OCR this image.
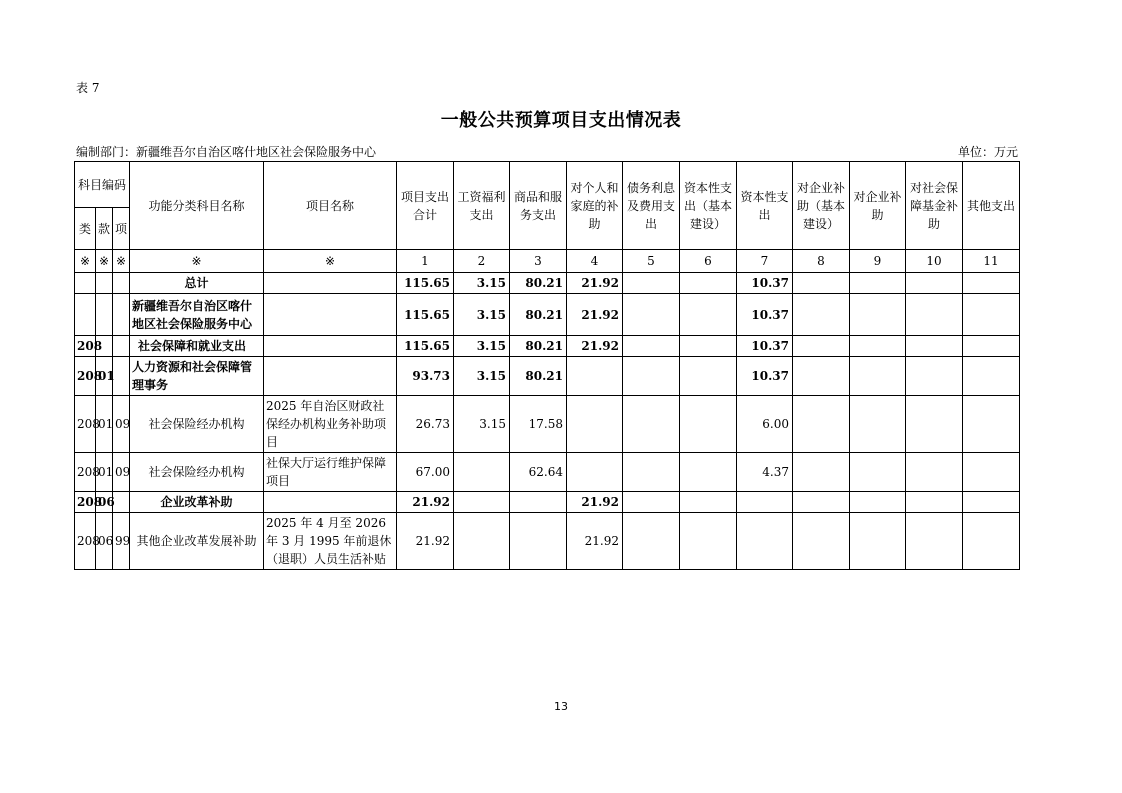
表 7
一般公共预算项目支出情况表
编制部门：新疆维吾尔自治区喀什地区社会保险服务中心	单位：万元
科目编码			功能分类科目名称	项目名称	项目支出合计	工资福利支出	商品和服务支出	对个人和家庭的补助	债务利息及费用支出	资本性支出（基本建设）	资本性支出	对企业补助（基本建设）	对企业补助	对社会保障基金补助	其他支出
类	款	项													
※	※	※	※	※	1	2	3	4	5	6	7	8	9	10	11
			总计		115.65	3.15	80.21	21.92			10.37				
			新疆维吾尔自治区喀什地区社会保险服务中心		115.65	3.15	80.21	21.92			10.37				
208			社会保障和就业支出		115.65	3.15	80.21	21.92			10.37				
208	01		人力资源和社会保障管理事务		93.73	3.15	80.21				10.37				
208	01	09	社会保险经办机构	2025 年自治区财政社保经办机构业务补助项目	26.73	3.15	17.58				6.00				
208	01	09	社会保险经办机构	社保大厅运行维护保障项目	67.00		62.64				4.37				
208	06		企业改革补助		21.92			21.92							
208	06	99	其他企业改革发展补助	2025 年 4 月至 2026 年 3 月 1995 年前退休（退职）人员生活补贴	21.92			21.92							
13
